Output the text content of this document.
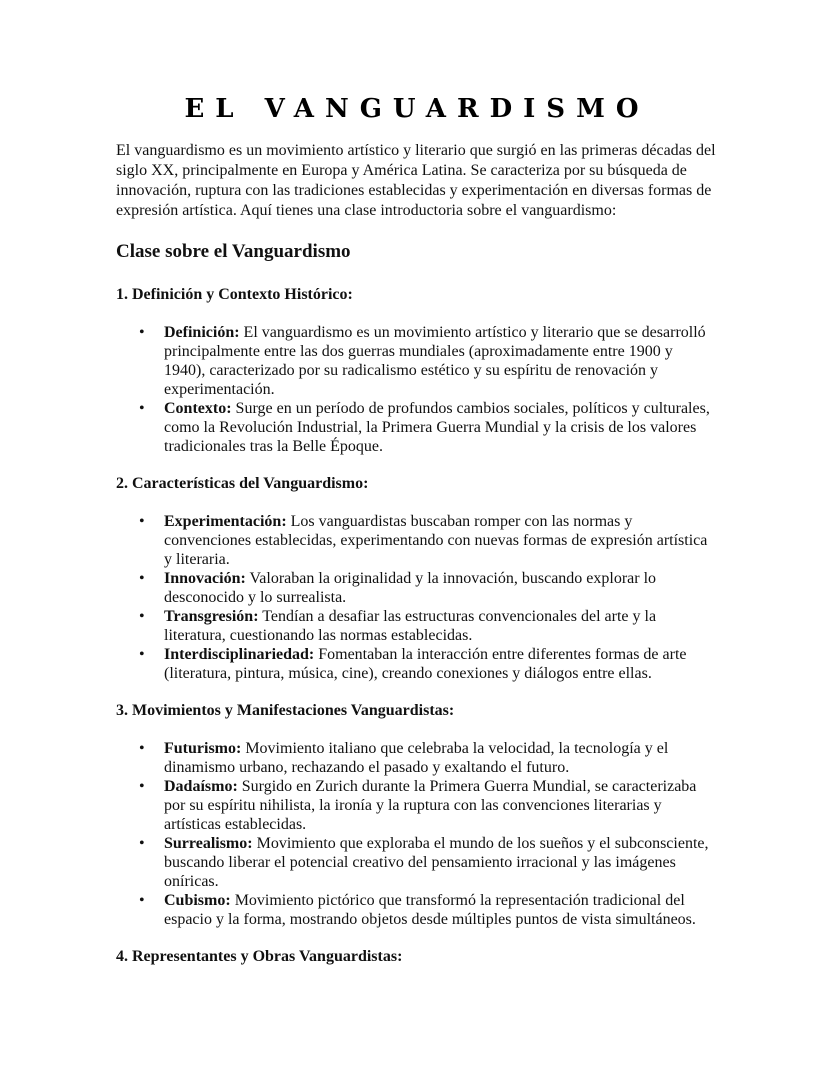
EL VANGUARDISMO

El vanguardismo es un movimiento artístico y literario que surgió en las primeras décadas del siglo XX, principalmente en Europa y América Latina. Se caracteriza por su búsqueda de innovación, ruptura con las tradiciones establecidas y experimentación en diversas formas de expresión artística. Aquí tienes una clase introductoria sobre el vanguardismo:

Clase sobre el Vanguardismo
1. Definición y Contexto Histórico:
• Definición: El vanguardismo es un movimiento artístico y literario que se desarrolló principalmente entre las dos guerras mundiales (aproximadamente entre 1900 y 1940), caracterizado por su radicalismo estético y su espíritu de renovación y experimentación.
• Contexto: Surge en un período de profundos cambios sociales, políticos y culturales, como la Revolución Industrial, la Primera Guerra Mundial y la crisis de los valores tradicionales tras la Belle Époque.
2. Características del Vanguardismo:
• Experimentación: Los vanguardistas buscaban romper con las normas y convenciones establecidas, experimentando con nuevas formas de expresión artística y literaria.
• Innovación: Valoraban la originalidad y la innovación, buscando explorar lo desconocido y lo surrealista.
• Transgresión: Tendían a desafiar las estructuras convencionales del arte y la literatura, cuestionando las normas establecidas.
• Interdisciplinariedad: Fomentaban la interacción entre diferentes formas de arte (literatura, pintura, música, cine), creando conexiones y diálogos entre ellas.
3. Movimientos y Manifestaciones Vanguardistas:
• Futurismo: Movimiento italiano que celebraba la velocidad, la tecnología y el dinamismo urbano, rechazando el pasado y exaltando el futuro.
• Dadaísmo: Surgido en Zurich durante la Primera Guerra Mundial, se caracterizaba por su espíritu nihilista, la ironía y la ruptura con las convenciones literarias y artísticas establecidas.
• Surrealismo: Movimiento que exploraba el mundo de los sueños y el subconsciente, buscando liberar el potencial creativo del pensamiento irracional y las imágenes oníricas.
• Cubismo: Movimiento pictórico que transformó la representación tradicional del espacio y la forma, mostrando objetos desde múltiples puntos de vista simultáneos.
4. Representantes y Obras Vanguardistas:
